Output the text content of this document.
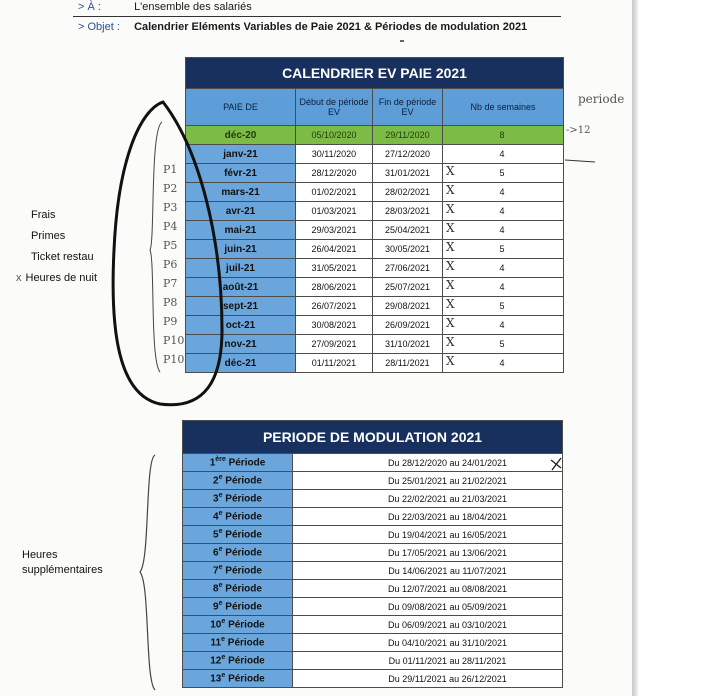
> À :	L'ensemble des salariés
> Objet : Calendrier Eléments Variables de Paie 2021 & Périodes de modulation 2021
CALENDRIER EV PAIE 2021			
PAIE DE	Début de période EV	Fin de période EV	Nb de semaines
déc-20	05/10/2020	29/11/2020	8
janv-21	30/11/2020	27/12/2020	4
févr-21	28/12/2020	31/01/2021	5
mars-21	01/02/2021	28/02/2021	4
avr-21	01/03/2021	28/03/2021	4
mai-21	29/03/2021	25/04/2021	4
juin-21	26/04/2021	30/05/2021	5
juil-21	31/05/2021	27/06/2021	4
août-21	28/06/2021	25/07/2021	4
sept-21	26/07/2021	29/08/2021	5
oct-21	30/08/2021	26/09/2021	4
nov-21	27/09/2021	31/10/2021	5
déc-21	01/11/2021	28/11/2021	4
PERIODE DE MODULATION 2021	
1ère Période	Du 28/12/2020 au 24/01/2021
2e Période	Du 25/01/2021 au 21/02/2021
3e Période	Du 22/02/2021 au 21/03/2021
4e Période	Du 22/03/2021 au 18/04/2021
5e Période	Du 19/04/2021 au 16/05/2021
6e Période	Du 17/05/2021 au 13/06/2021
7e Période	Du 14/06/2021 au 11/07/2021
8e Période	Du 12/07/2021 au 08/08/2021
9e Période	Du 09/08/2021 au 05/09/2021
10e Période	Du 06/09/2021 au 03/10/2021
11e Période	Du 04/10/2021 au 31/10/2021
12e Période	Du 01/11/2021 au 28/11/2021
13e Période	Du 29/11/2021 au 26/12/2021
Frais
Primes
Ticket restau
x Heures de nuit
Heures
supplémentaires
periode
->12
P1
P2
P3
P4
P5
P6
P7
P8
P9
P10
P10
X
X
X
X
X
X
X
X
X
X
X
